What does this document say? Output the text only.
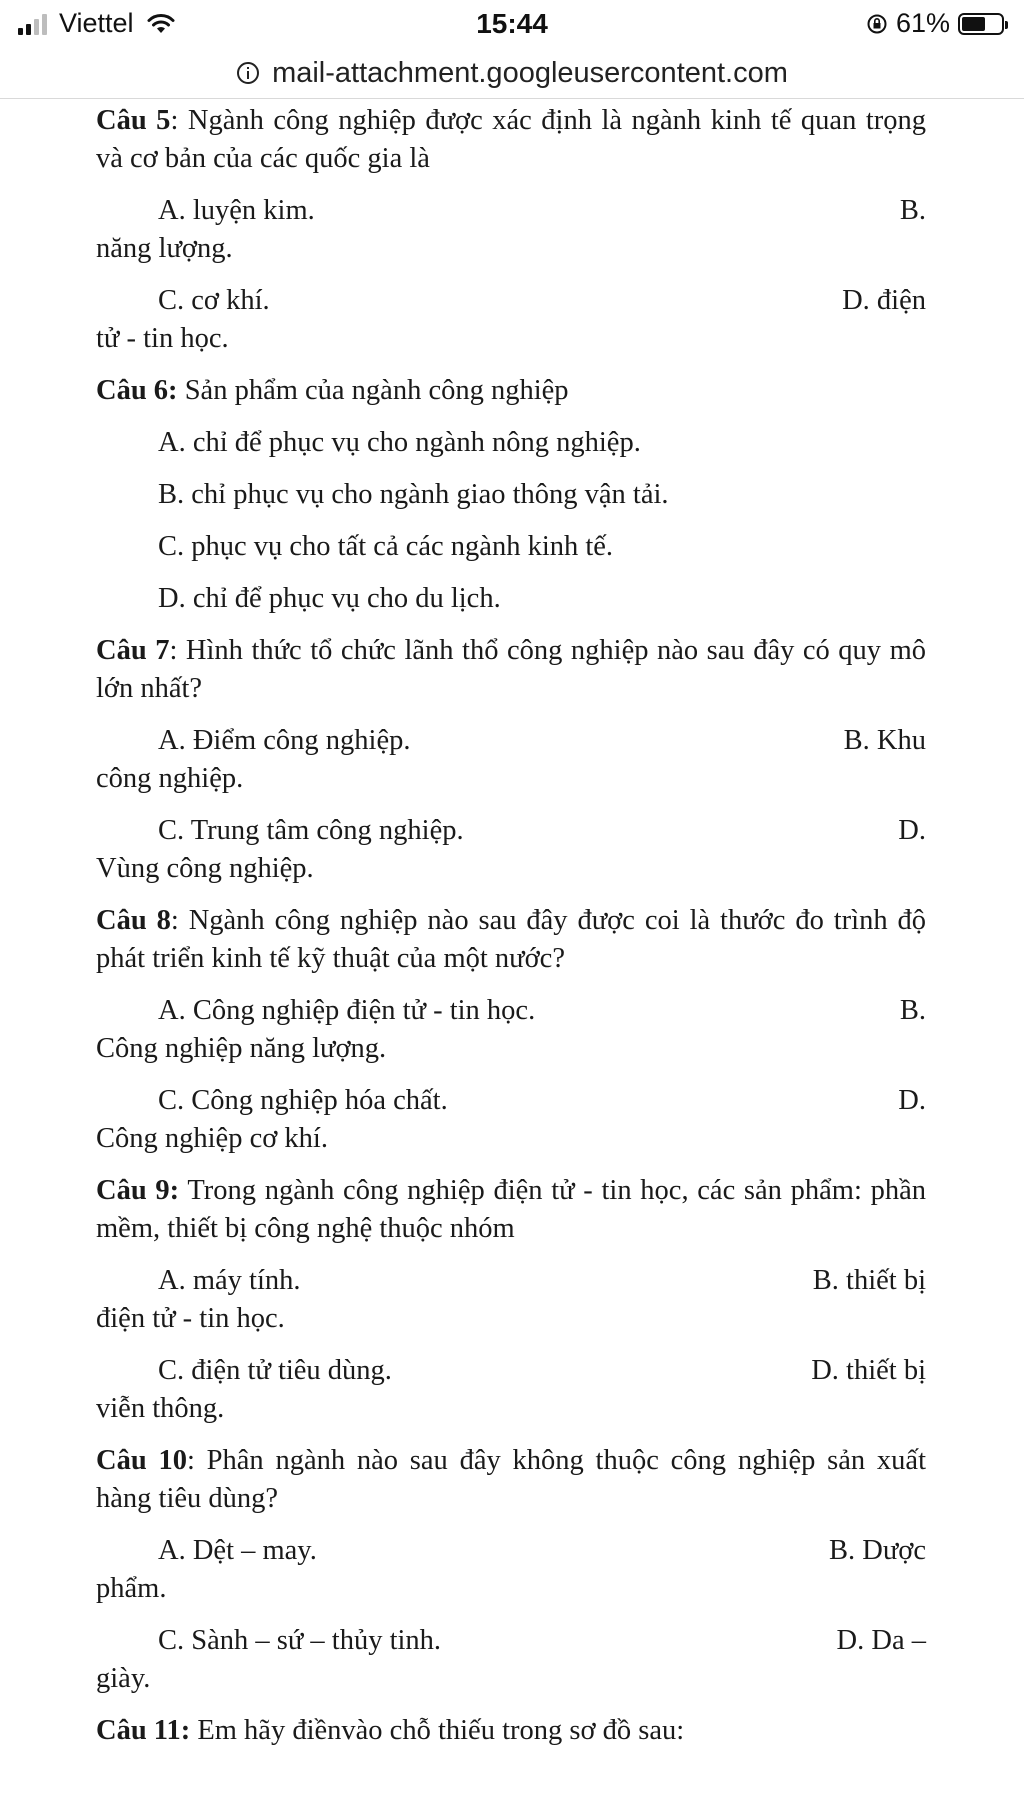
Viettel	15:44	61%
mail-attachment.googleusercontent.com

Câu 5: Ngành công nghiệp được xác định là ngành kinh tế quan trọng và cơ bản của các quốc gia là

A. luyện kim.	B.
năng lượng.
C. cơ khí.	D. điện
tử - tin học.

Câu 6: Sản phẩm của ngành công nghiệp

A. chỉ để phục vụ cho ngành nông nghiệp.
B. chỉ phục vụ cho ngành giao thông vận tải.
C. phục vụ cho tất cả các ngành kinh tế.
D. chỉ để phục vụ cho du lịch.

Câu 7: Hình thức tổ chức lãnh thổ công nghiệp nào sau đây có quy mô lớn nhất?

A. Điểm công nghiệp.	B. Khu
công nghiệp.
C. Trung tâm công nghiệp.	D.
Vùng công nghiệp.

Câu 8: Ngành công nghiệp nào sau đây được coi là thước đo trình độ phát triển kinh tế kỹ thuật của một nước?

A. Công nghiệp điện tử - tin học.	B.
Công nghiệp năng lượng.
C. Công nghiệp hóa chất.	D.
Công nghiệp cơ khí.

Câu 9: Trong ngành công nghiệp điện tử - tin học, các sản phẩm: phần mềm, thiết bị công nghệ thuộc nhóm

A. máy tính.	B. thiết bị
điện tử - tin học.
C. điện tử tiêu dùng.	D. thiết bị
viễn thông.

Câu 10: Phân ngành nào sau đây không thuộc công nghiệp sản xuất hàng tiêu dùng?

A. Dệt – may.	B. Dược
phẩm.
C. Sành – sứ – thủy tinh.	D. Da –
giày.

Câu 11: Em hãy điềnvào chỗ thiếu trong sơ đồ sau:
